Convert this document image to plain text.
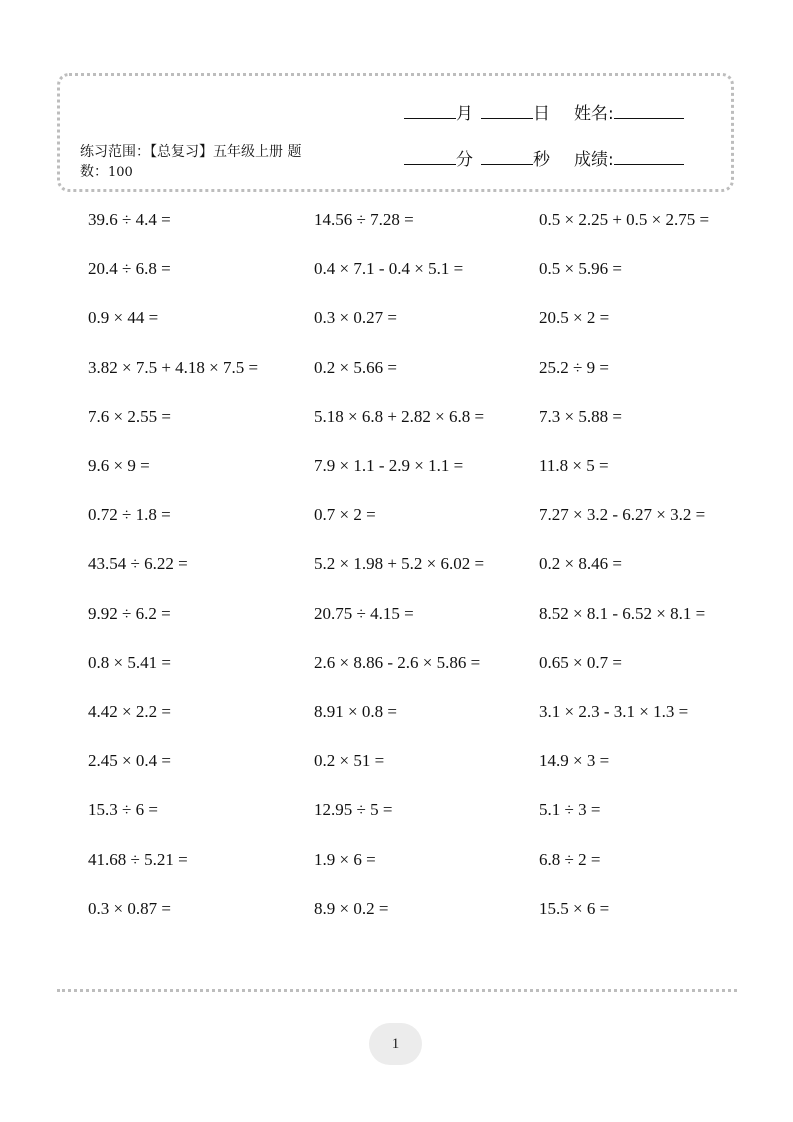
练习范围：【总复习】五年级上册 题数：100
月	日 姓名:
分	秒 成绩:
39.6 ÷ 4.4 =	14.56 ÷ 7.28 =	0.5 × 2.25 + 0.5 × 2.75 =
20.4 ÷ 6.8 =	0.4 × 7.1 - 0.4 × 5.1 =	0.5 × 5.96 =
0.9 × 44 =	0.3 × 0.27 =	20.5 × 2 =
3.82 × 7.5 + 4.18 × 7.5 =	0.2 × 5.66 =	25.2 ÷ 9 =
7.6 × 2.55 =	5.18 × 6.8 + 2.82 × 6.8 =	7.3 × 5.88 =
9.6 × 9 =	7.9 × 1.1 - 2.9 × 1.1 =	11.8 × 5 =
0.72 ÷ 1.8 =	0.7 × 2 =	7.27 × 3.2 - 6.27 × 3.2 =
43.54 ÷ 6.22 =	5.2 × 1.98 + 5.2 × 6.02 =	0.2 × 8.46 =
9.92 ÷ 6.2 =	20.75 ÷ 4.15 =	8.52 × 8.1 - 6.52 × 8.1 =
0.8 × 5.41 =	2.6 × 8.86 - 2.6 × 5.86 =	0.65 × 0.7 =
4.42 × 2.2 =	8.91 × 0.8 =	3.1 × 2.3 - 3.1 × 1.3 =
2.45 × 0.4 =	0.2 × 51 =	14.9 × 3 =
15.3 ÷ 6 =	12.95 ÷ 5 =	5.1 ÷ 3 =
41.68 ÷ 5.21 =	1.9 × 6 =	6.8 ÷ 2 =
0.3 × 0.87 =	8.9 × 0.2 =	15.5 × 6 =
1
